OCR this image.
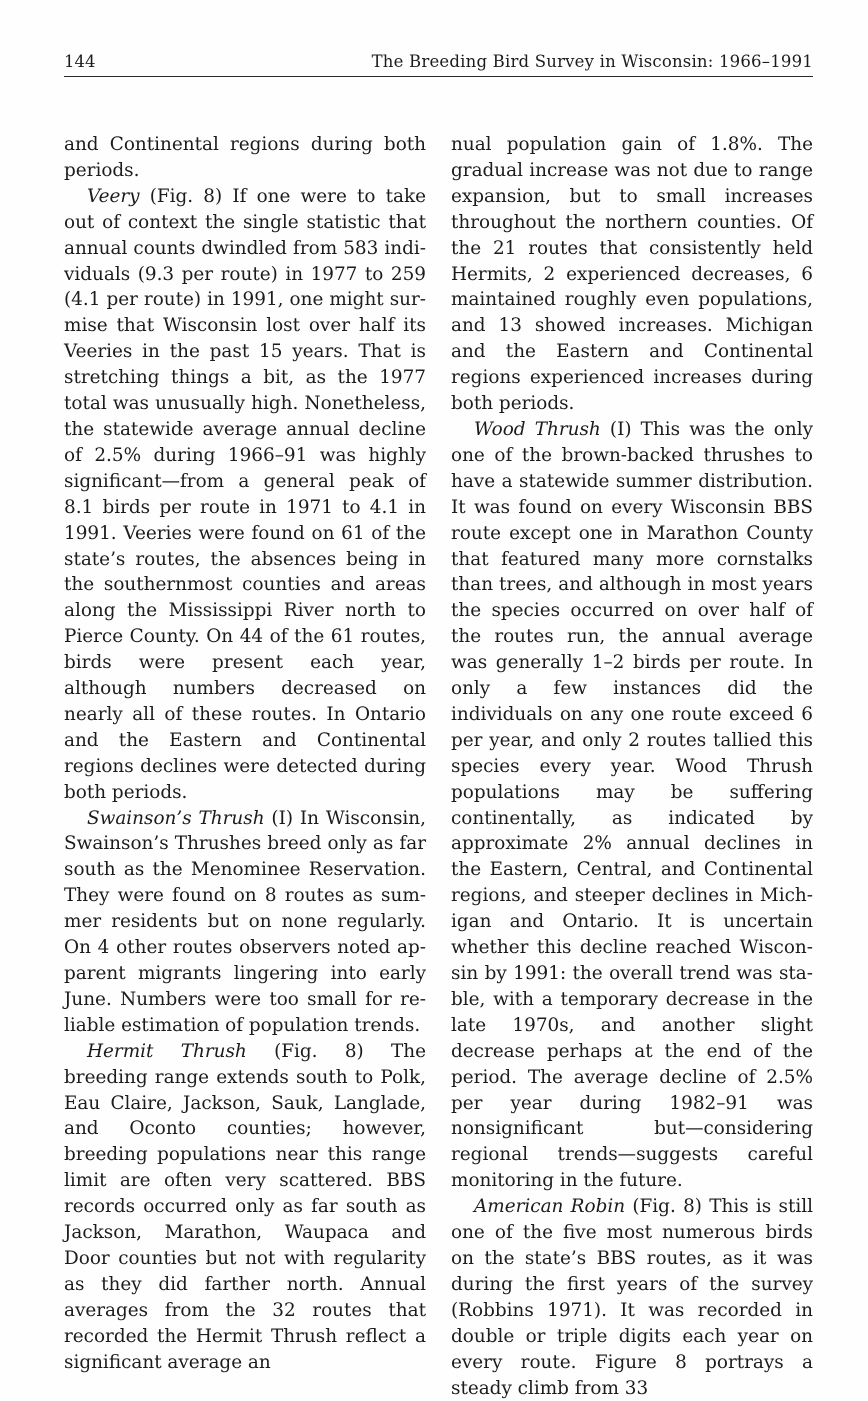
144	The Breeding Bird Survey in Wisconsin: 1966–1991

and Continental regions during both periods.

Veery (Fig. 8) If one were to take out of context the single statistic that annual counts dwindled from 583 individuals (9.3 per route) in 1977 to 259 (4.1 per route) in 1991, one might surmise that Wisconsin lost over half its Veeries in the past 15 years. That is stretching things a bit, as the 1977 total was unusually high. Nonetheless, the statewide average annual decline of 2.5% during 1966–91 was highly significant—from a general peak of 8.1 birds per route in 1971 to 4.1 in 1991. Veeries were found on 61 of the state’s routes, the absences being in the southernmost counties and areas along the Mississippi River north to Pierce County. On 44 of the 61 routes, birds were present each year, although numbers decreased on nearly all of these routes. In Ontario and the Eastern and Continental regions declines were detected during both periods.

Swainson’s Thrush (I) In Wisconsin, Swainson’s Thrushes breed only as far south as the Menominee Reservation. They were found on 8 routes as summer residents but on none regularly. On 4 other routes observers noted apparent migrants lingering into early June. Numbers were too small for reliable estimation of population trends.

Hermit Thrush (Fig. 8) The breeding range extends south to Polk, Eau Claire, Jackson, Sauk, Langlade, and Oconto counties; however, breeding populations near this range limit are often very scattered. BBS records occurred only as far south as Jackson, Marathon, Waupaca and Door counties but not with regularity as they did farther north. Annual averages from the 32 routes that recorded the Hermit Thrush reflect a significant average an

nual population gain of 1.8%. The gradual increase was not due to range expansion, but to small increases throughout the northern counties. Of the 21 routes that consistently held Hermits, 2 experienced decreases, 6 maintained roughly even populations, and 13 showed increases. Michigan and the Eastern and Continental regions experienced increases during both periods.

Wood Thrush (I) This was the only one of the brown-backed thrushes to have a statewide summer distribution. It was found on every Wisconsin BBS route except one in Marathon County that featured many more cornstalks than trees, and although in most years the species occurred on over half of the routes run, the annual average was generally 1–2 birds per route. In only a few instances did the individuals on any one route exceed 6 per year, and only 2 routes tallied this species every year. Wood Thrush populations may be suffering continentally, as indicated by approximate 2% annual declines in the Eastern, Central, and Continental regions, and steeper declines in Michigan and Ontario. It is uncertain whether this decline reached Wisconsin by 1991: the overall trend was stable, with a temporary decrease in the late 1970s, and another slight decrease perhaps at the end of the period. The average decline of 2.5% per year during 1982–91 was nonsignificant but—considering regional trends—suggests careful monitoring in the future.

American Robin (Fig. 8) This is still one of the five most numerous birds on the state’s BBS routes, as it was during the first years of the survey (Robbins 1971). It was recorded in double or triple digits each year on every route. Figure 8 portrays a steady climb from 33
